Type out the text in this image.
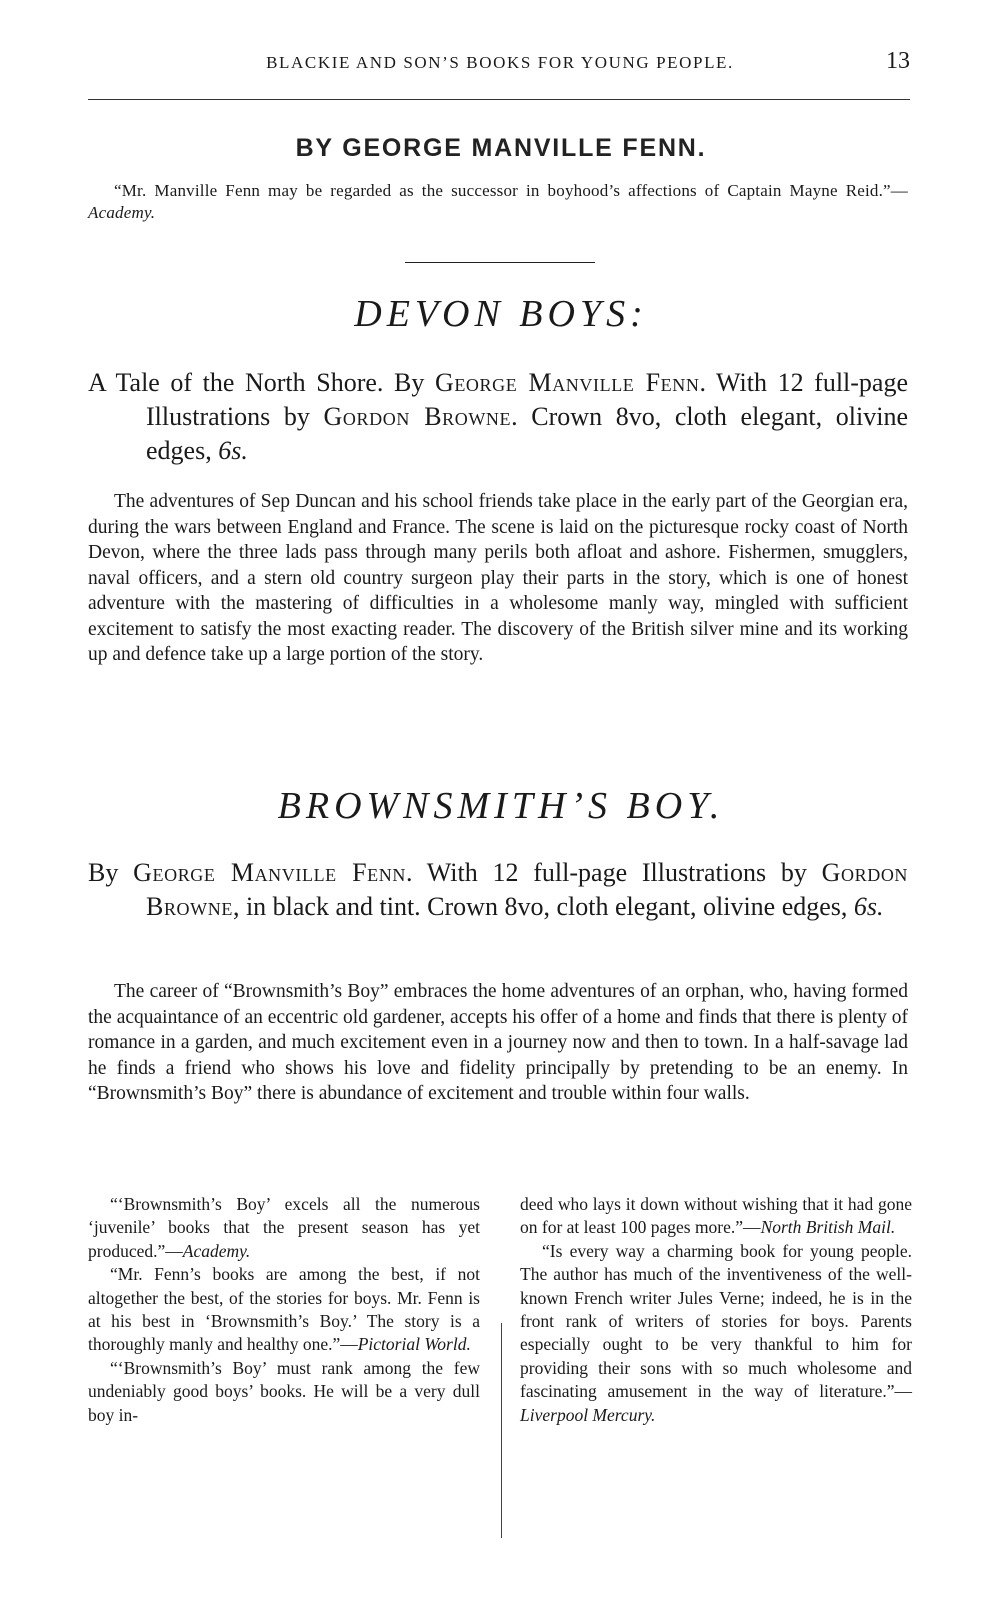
BLACKIE AND SON’S BOOKS FOR YOUNG PEOPLE.	13
BY GEORGE MANVILLE FENN.
“Mr. Manville Fenn may be regarded as the successor in boyhood’s affections of Captain Mayne Reid.”—Academy.
DEVON BOYS:
A Tale of the North Shore. By George Manville Fenn. With 12 full-page Illustrations by Gordon Browne. Crown 8vo, cloth elegant, olivine edges, 6s.
The adventures of Sep Duncan and his school friends take place in the early part of the Georgian era, during the wars between England and France. The scene is laid on the picturesque rocky coast of North Devon, where the three lads pass through many perils both afloat and ashore. Fishermen, smugglers, naval officers, and a stern old country surgeon play their parts in the story, which is one of honest adventure with the mastering of difficulties in a wholesome manly way, mingled with sufficient excitement to satisfy the most exacting reader. The discovery of the British silver mine and its working up and defence take up a large portion of the story.
BROWNSMITH’S BOY.
By George Manville Fenn. With 12 full-page Illustrations by Gordon Browne, in black and tint. Crown 8vo, cloth elegant, olivine edges, 6s.
The career of “Brownsmith’s Boy” embraces the home adventures of an orphan, who, having formed the acquaintance of an eccentric old gardener, accepts his offer of a home and finds that there is plenty of romance in a garden, and much excitement even in a journey now and then to town. In a half-savage lad he finds a friend who shows his love and fidelity principally by pretending to be an enemy. In “Brownsmith’s Boy” there is abundance of excitement and trouble within four walls.

“‘Brownsmith’s Boy’ excels all the numerous ‘juvenile’ books that the present season has yet produced.”—Academy.

“Mr. Fenn’s books are among the best, if not altogether the best, of the stories for boys. Mr. Fenn is at his best in ‘Brownsmith’s Boy.’ The story is a thoroughly manly and healthy one.”—Pictorial World.

“‘Brownsmith’s Boy’ must rank among the few undeniably good boys’ books. He will be a very dull boy in-

deed who lays it down without wishing that it had gone on for at least 100 pages more.”—North British Mail.

“Is every way a charming book for young people. The author has much of the inventiveness of the well-known French writer Jules Verne; indeed, he is in the front rank of writers of stories for boys. Parents especially ought to be very thankful to him for providing their sons with so much wholesome and fascinating amusement in the way of literature.”—Liverpool Mercury.
